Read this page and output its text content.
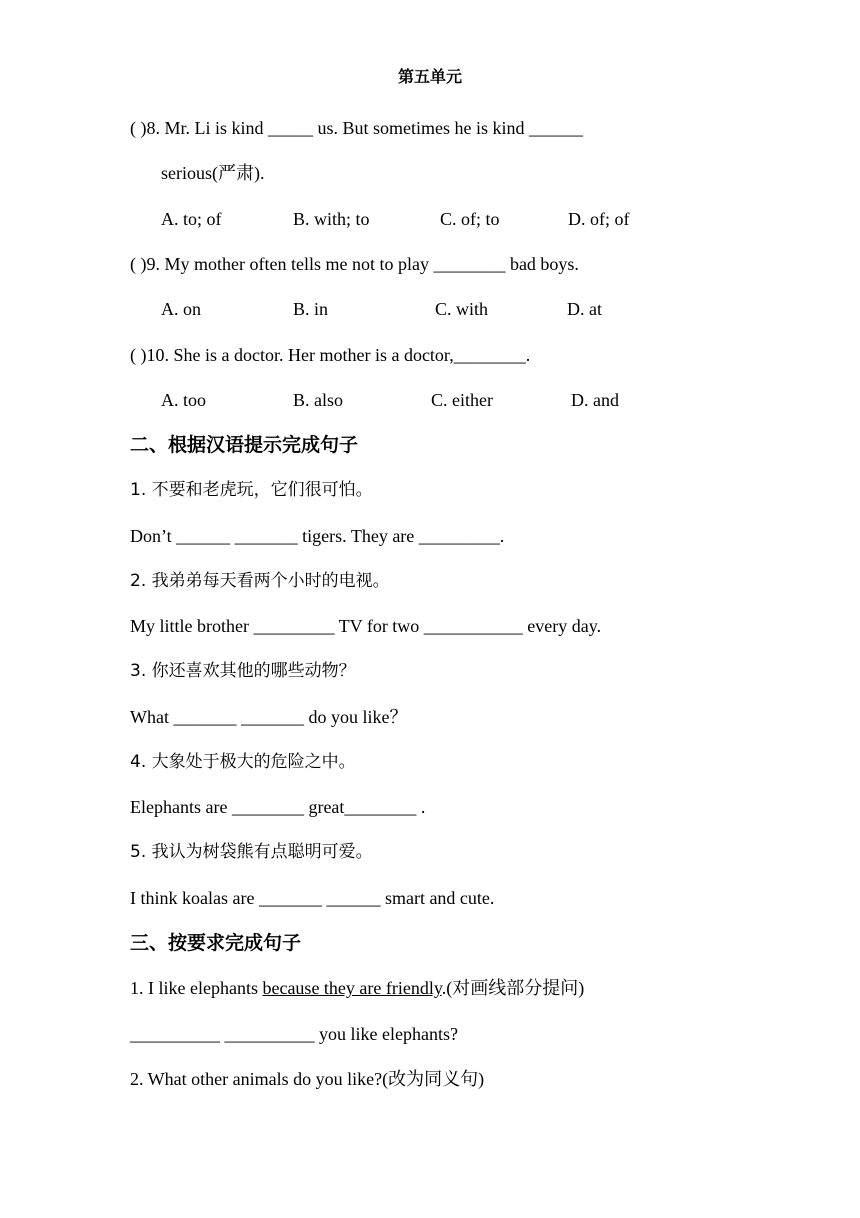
第五单元
( )8. Mr. Li is kind _____ us. But sometimes he is kind ______
serious(严肃).
A. to; of	B. with; to	C. of; to	D. of; of
( )9. My mother often tells me not to play ________ bad boys.
A. on	B. in	C. with	D. at
( )10. She is a doctor. Her mother is a doctor,________.
A. too	B. also	C. either	D. and
二、根据汉语提示完成句子
1. 不要和老虎玩，它们很可怕。
Don’t ______ _______ tigers. They are _________.
2. 我弟弟每天看两个小时的电视。
My little brother _________ TV for two ___________ every day.
3. 你还喜欢其他的哪些动物？
What _______ _______ do you like？
4. 大象处于极大的危险之中。
Elephants are ________ great________ .
5. 我认为树袋熊有点聪明可爱。
I think koalas are _______ ______ smart and cute.
三、按要求完成句子
1. I like elephants because they are friendly.(对画线部分提问)
__________ __________ you like elephants?
2. What other animals do you like?(改为同义句)
